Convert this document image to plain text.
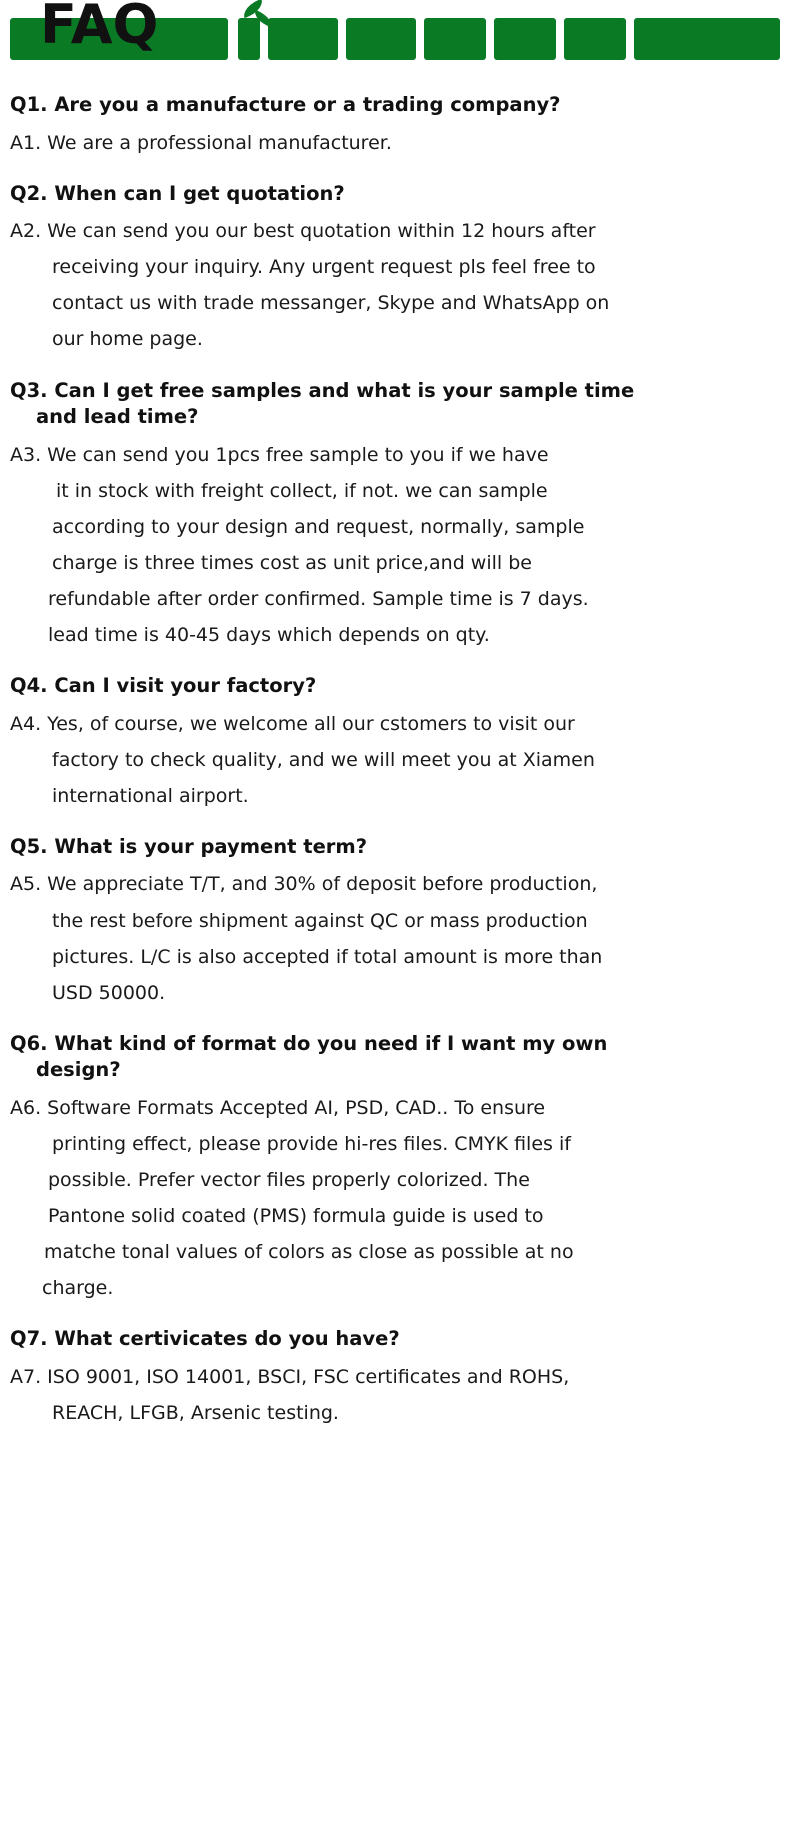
FAQ

Q1. Are you a manufacture or a trading company?

A1. We are a professional manufacturer.

Q2. When can I get quotation?

A2. We can send you our best quotation within 12 hours after
receiving your inquiry. Any urgent request pls feel free to
contact us with trade messanger, Skype and WhatsApp on
our home page.

Q3. Can I get free samples and what is your sample time
and lead time?

A3. We can send you 1pcs free sample to you if we have
it in stock with freight collect, if not. we can sample
according to your design and request, normally, sample
charge is three times cost as unit price,and will be
refundable after order confirmed. Sample time is 7 days.
lead time is 40-45 days which depends on qty.

Q4. Can I visit your factory?

A4. Yes, of course, we welcome all our cstomers to visit our
factory to check quality, and we will meet you at Xiamen
international airport.

Q5. What is your payment term?

A5. We appreciate T/T, and 30% of deposit before production,
the rest before shipment against QC or mass production
pictures. L/C is also accepted if total amount is more than
USD 50000.

Q6. What kind of format do you need if I want my own
design?

A6. Software Formats Accepted AI, PSD, CAD.. To ensure
printing effect, please provide hi-res files. CMYK files if
possible. Prefer vector files properly colorized. The
Pantone solid coated (PMS) formula guide is used to
matche tonal values of colors as close as possible at no
charge.

Q7. What certivicates do you have?

A7. ISO 9001, ISO 14001, BSCI, FSC certificates and ROHS,
REACH, LFGB, Arsenic testing.
